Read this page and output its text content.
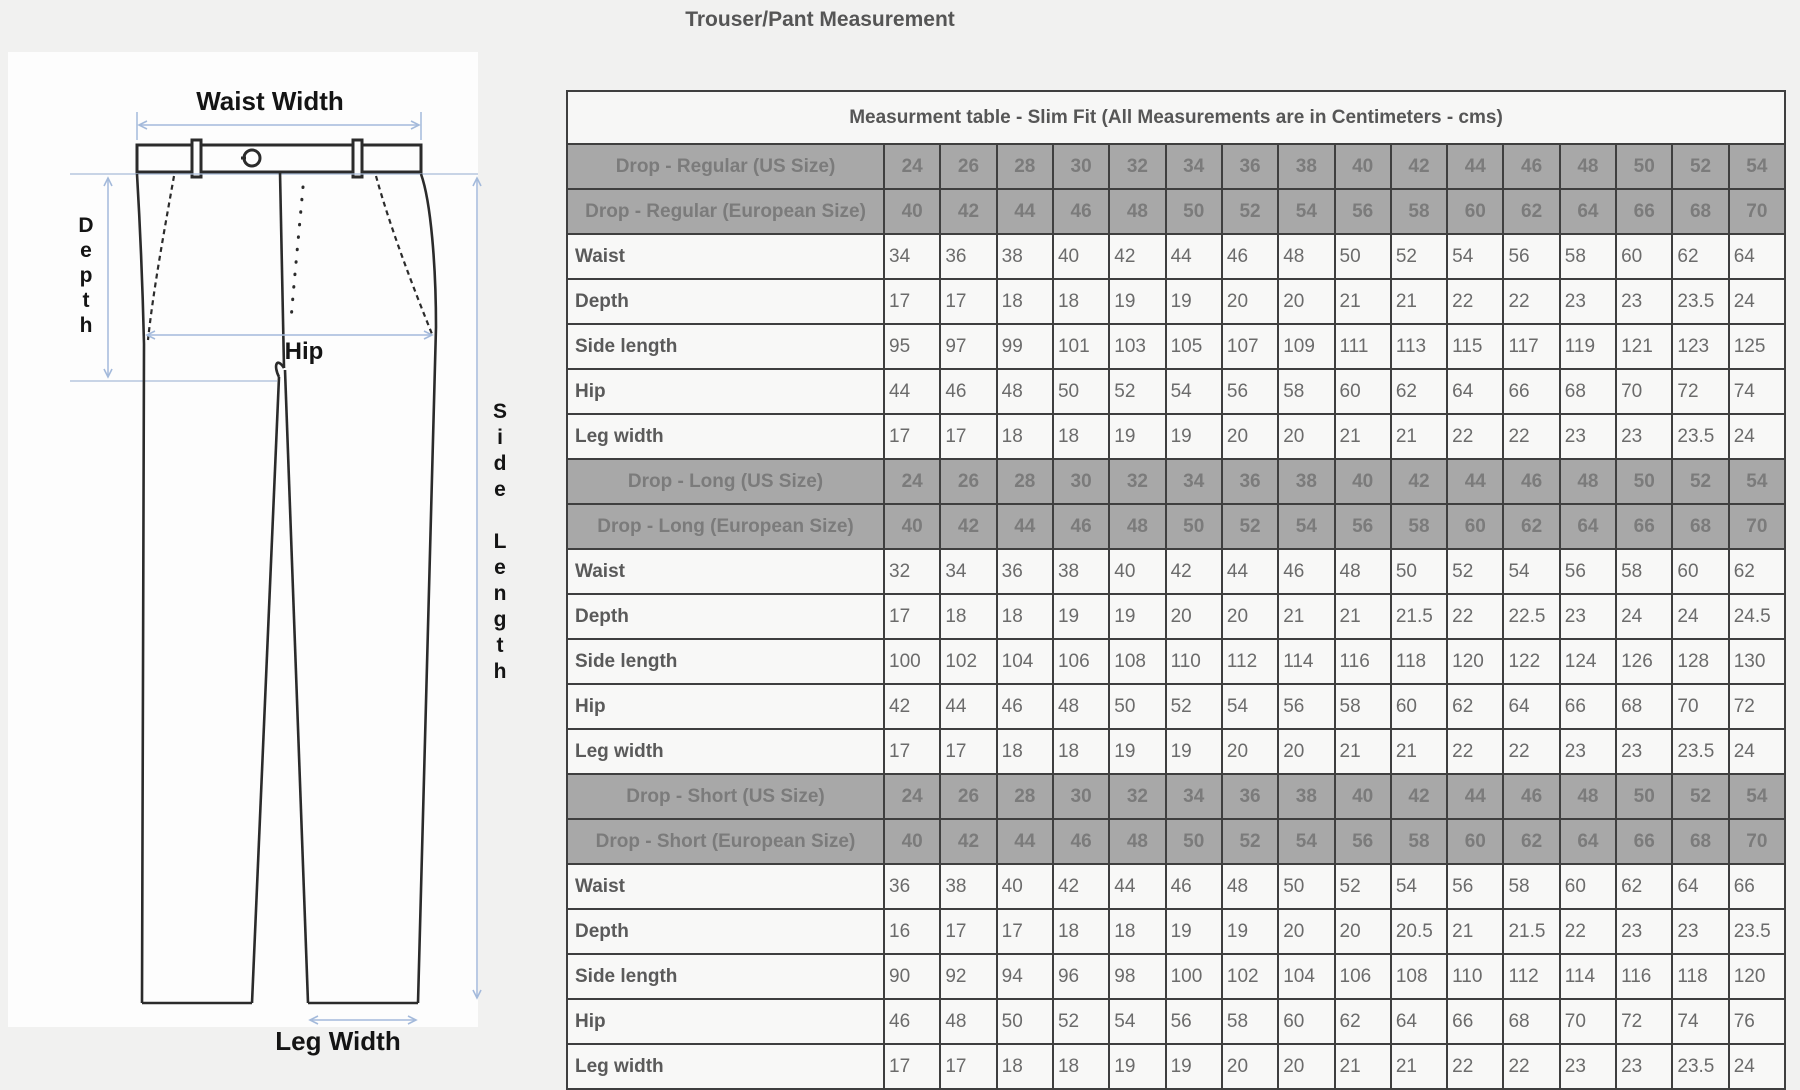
Trouser/Pant Measurement
Waist Width
D
e
p
t
h
Hip
S
i
d
e
L
e
n
g
t
h
Leg Width
Measurment table - Slim Fit (All Measurements are in Centimeters - cms)																
Drop - Regular (US Size)	24	26	28	30	32	34	36	38	40	42	44	46	48	50	52	54
Drop - Regular (European Size)	40	42	44	46	48	50	52	54	56	58	60	62	64	66	68	70
Waist	34	36	38	40	42	44	46	48	50	52	54	56	58	60	62	64
Depth	17	17	18	18	19	19	20	20	21	21	22	22	23	23	23.5	24
Side length	95	97	99	101	103	105	107	109	111	113	115	117	119	121	123	125
Hip	44	46	48	50	52	54	56	58	60	62	64	66	68	70	72	74
Leg width	17	17	18	18	19	19	20	20	21	21	22	22	23	23	23.5	24
Drop - Long (US Size)	24	26	28	30	32	34	36	38	40	42	44	46	48	50	52	54
Drop - Long (European Size)	40	42	44	46	48	50	52	54	56	58	60	62	64	66	68	70
Waist	32	34	36	38	40	42	44	46	48	50	52	54	56	58	60	62
Depth	17	18	18	19	19	20	20	21	21	21.5	22	22.5	23	24	24	24.5
Side length	100	102	104	106	108	110	112	114	116	118	120	122	124	126	128	130
Hip	42	44	46	48	50	52	54	56	58	60	62	64	66	68	70	72
Leg width	17	17	18	18	19	19	20	20	21	21	22	22	23	23	23.5	24
Drop - Short (US Size)	24	26	28	30	32	34	36	38	40	42	44	46	48	50	52	54
Drop - Short (European Size)	40	42	44	46	48	50	52	54	56	58	60	62	64	66	68	70
Waist	36	38	40	42	44	46	48	50	52	54	56	58	60	62	64	66
Depth	16	17	17	18	18	19	19	20	20	20.5	21	21.5	22	23	23	23.5
Side length	90	92	94	96	98	100	102	104	106	108	110	112	114	116	118	120
Hip	46	48	50	52	54	56	58	60	62	64	66	68	70	72	74	76
Leg width	17	17	18	18	19	19	20	20	21	21	22	22	23	23	23.5	24
